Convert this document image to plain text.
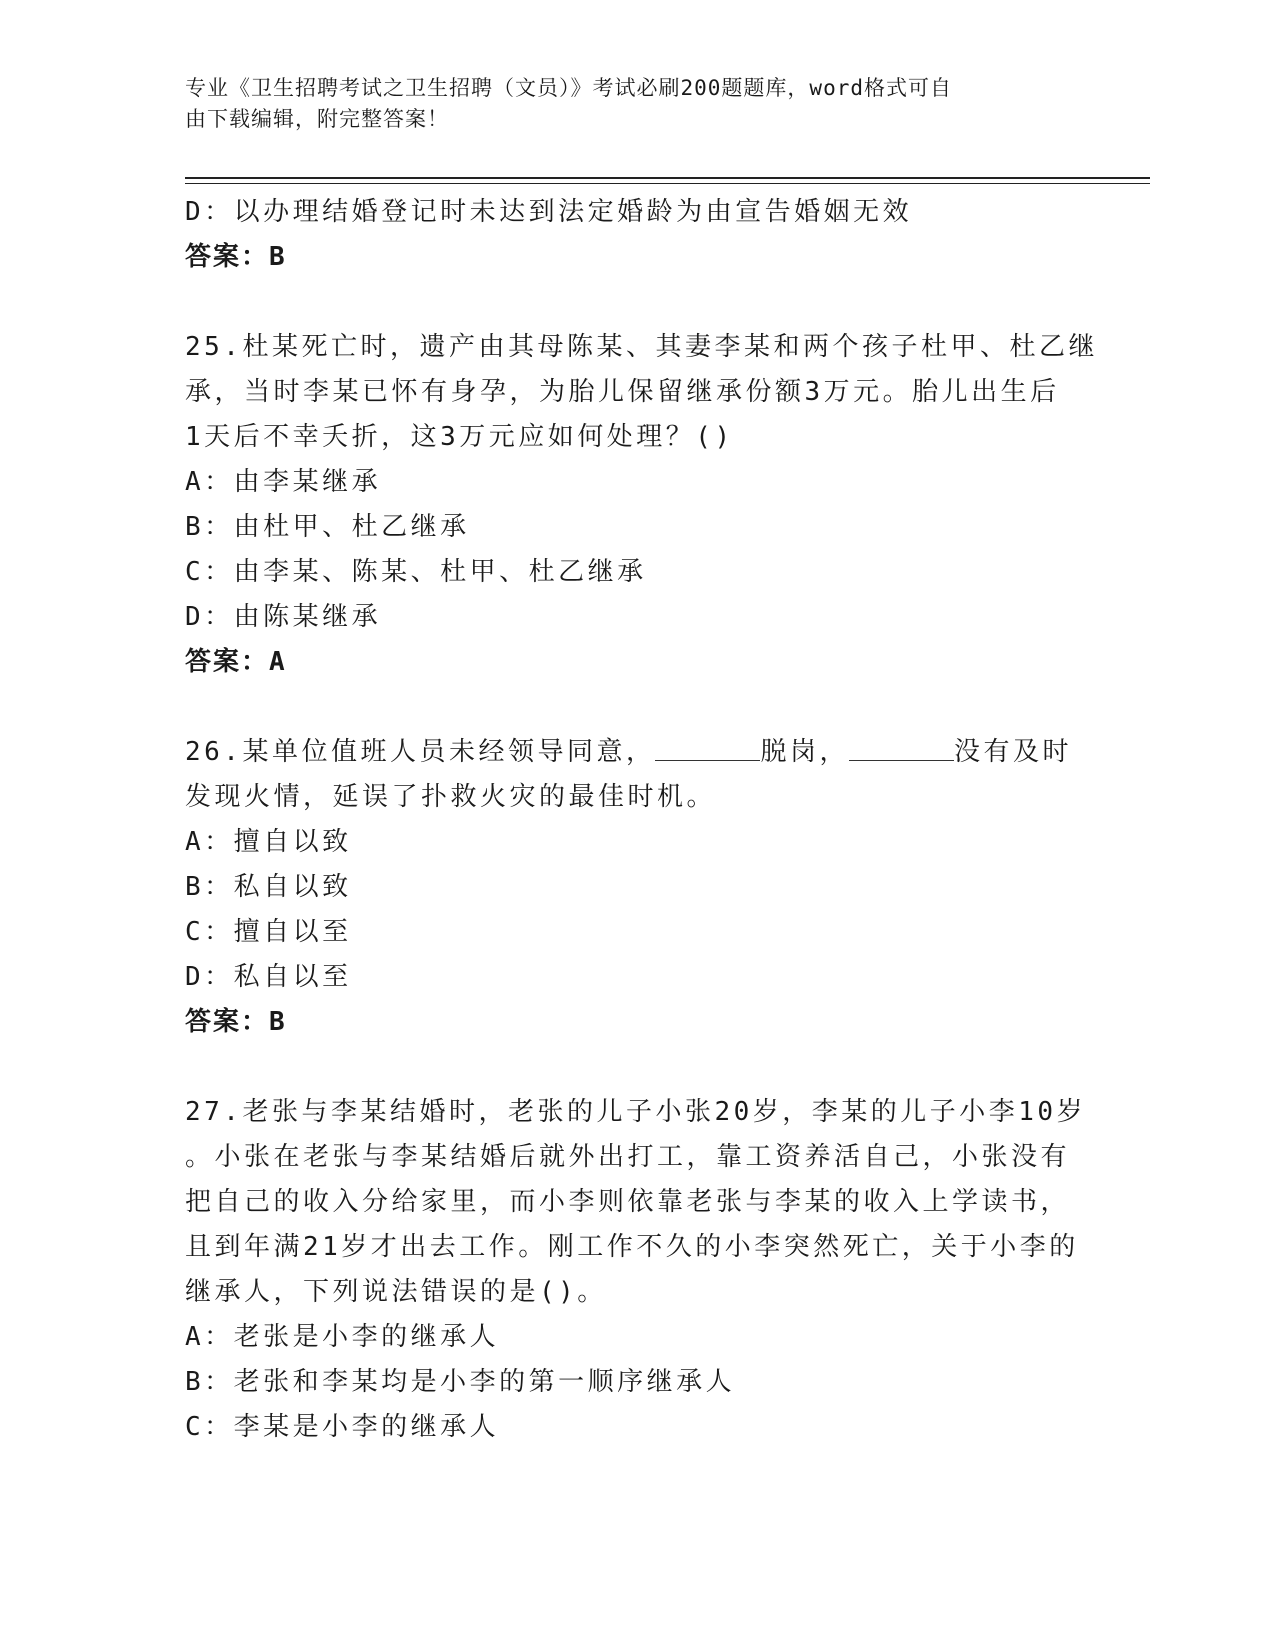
专业《卫生招聘考试之卫生招聘（文员）》考试必刷200题题库，word格式可自
由下载编辑，附完整答案！
D：以办理结婚登记时未达到法定婚龄为由宣告婚姻无效
答案：B
25.杜某死亡时，遗产由其母陈某、其妻李某和两个孩子杜甲、杜乙继
承，当时李某已怀有身孕，为胎儿保留继承份额3万元。胎儿出生后
1天后不幸夭折，这3万元应如何处理？()
A：由李某继承
B：由杜甲、杜乙继承
C：由李某、陈某、杜甲、杜乙继承
D：由陈某继承
答案：A
26.某单位值班人员未经领导同意，	脱岗，	没有及时
发现火情，延误了扑救火灾的最佳时机。
A：擅自以致
B：私自以致
C：擅自以至
D：私自以至
答案：B
27.老张与李某结婚时，老张的儿子小张20岁，李某的儿子小李10岁
。小张在老张与李某结婚后就外出打工，靠工资养活自己，小张没有
把自己的收入分给家里，而小李则依靠老张与李某的收入上学读书，
且到年满21岁才出去工作。刚工作不久的小李突然死亡，关于小李的
继承人，下列说法错误的是()。
A：老张是小李的继承人
B：老张和李某均是小李的第一顺序继承人
C：李某是小李的继承人
